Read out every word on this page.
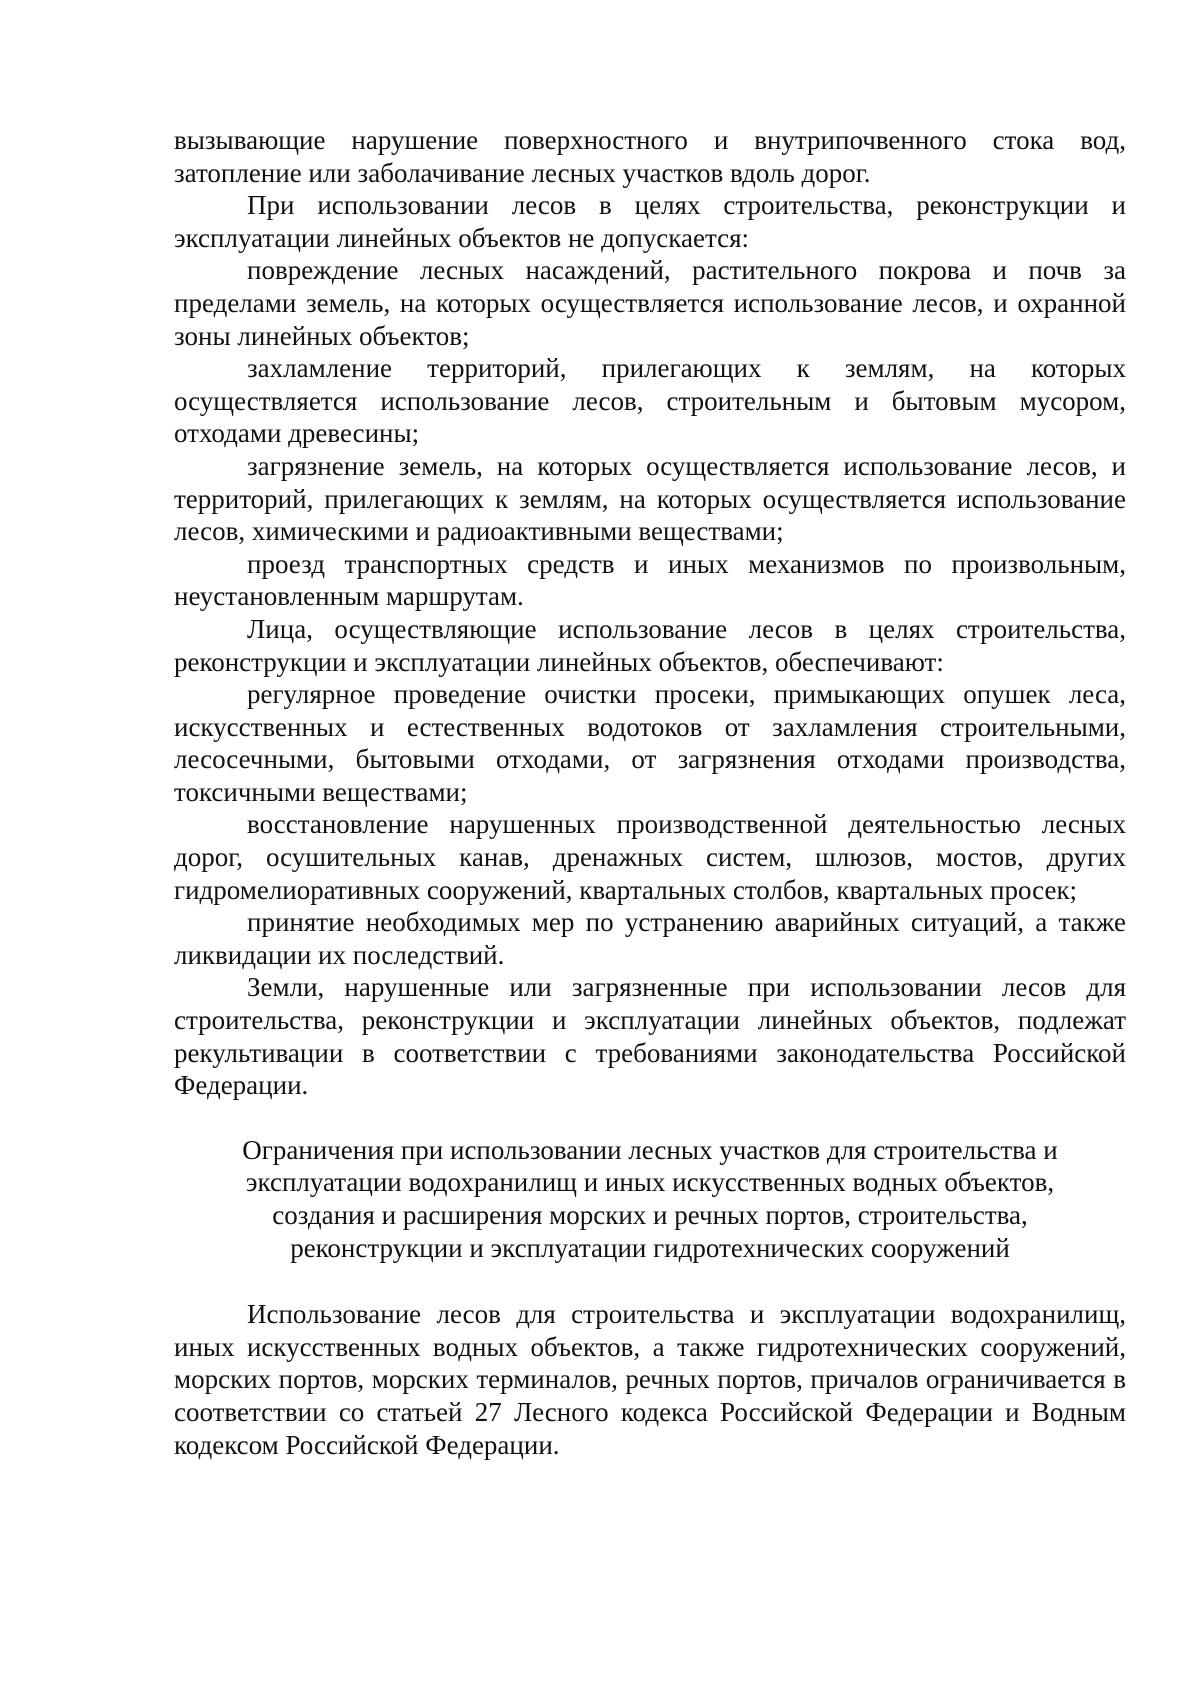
вызывающие нарушение поверхностного и внутрипочвенного стока вод, затопление или заболачивание лесных участков вдоль дорог.

При использовании лесов в целях строительства, реконструкции и эксплуатации линейных объектов не допускается:

повреждение лесных насаждений, растительного покрова и почв за пределами земель, на которых осуществляется использование лесов, и охранной зоны линейных объектов;

захламление территорий, прилегающих к землям, на которых осуществляется использование лесов, строительным и бытовым мусором, отходами древесины;

загрязнение земель, на которых осуществляется использование лесов, и территорий, прилегающих к землям, на которых осуществляется использование лесов, химическими и радиоактивными веществами;

проезд транспортных средств и иных механизмов по произвольным, неустановленным маршрутам.

Лица, осуществляющие использование лесов в целях строительства, реконструкции и эксплуатации линейных объектов, обеспечивают:

регулярное проведение очистки просеки, примыкающих опушек леса, искусственных и естественных водотоков от захламления строительными, лесосечными, бытовыми отходами, от загрязнения отходами производства, токсичными веществами;

восстановление нарушенных производственной деятельностью лесных дорог, осушительных канав, дренажных систем, шлюзов, мостов, других гидромелиоративных сооружений, квартальных столбов, квартальных просек;

принятие необходимых мер по устранению аварийных ситуаций, а также ликвидации их последствий.

Земли, нарушенные или загрязненные при использовании лесов для строительства, реконструкции и эксплуатации линейных объектов, подлежат рекультивации в соответствии с требованиями законодательства Российской Федерации.

Ограничения при использовании лесных участков для строительства и
эксплуатации водохранилищ и иных искусственных водных объектов,
создания и расширения морских и речных портов, строительства,
реконструкции и эксплуатации гидротехнических сооружений

Использование лесов для строительства и эксплуатации водохранилищ, иных искусственных водных объектов, а также гидротехнических сооружений, морских портов, морских терминалов, речных портов, причалов ограничивается в соответствии со статьей 27 Лесного кодекса Российской Федерации и Водным кодексом Российской Федерации.
